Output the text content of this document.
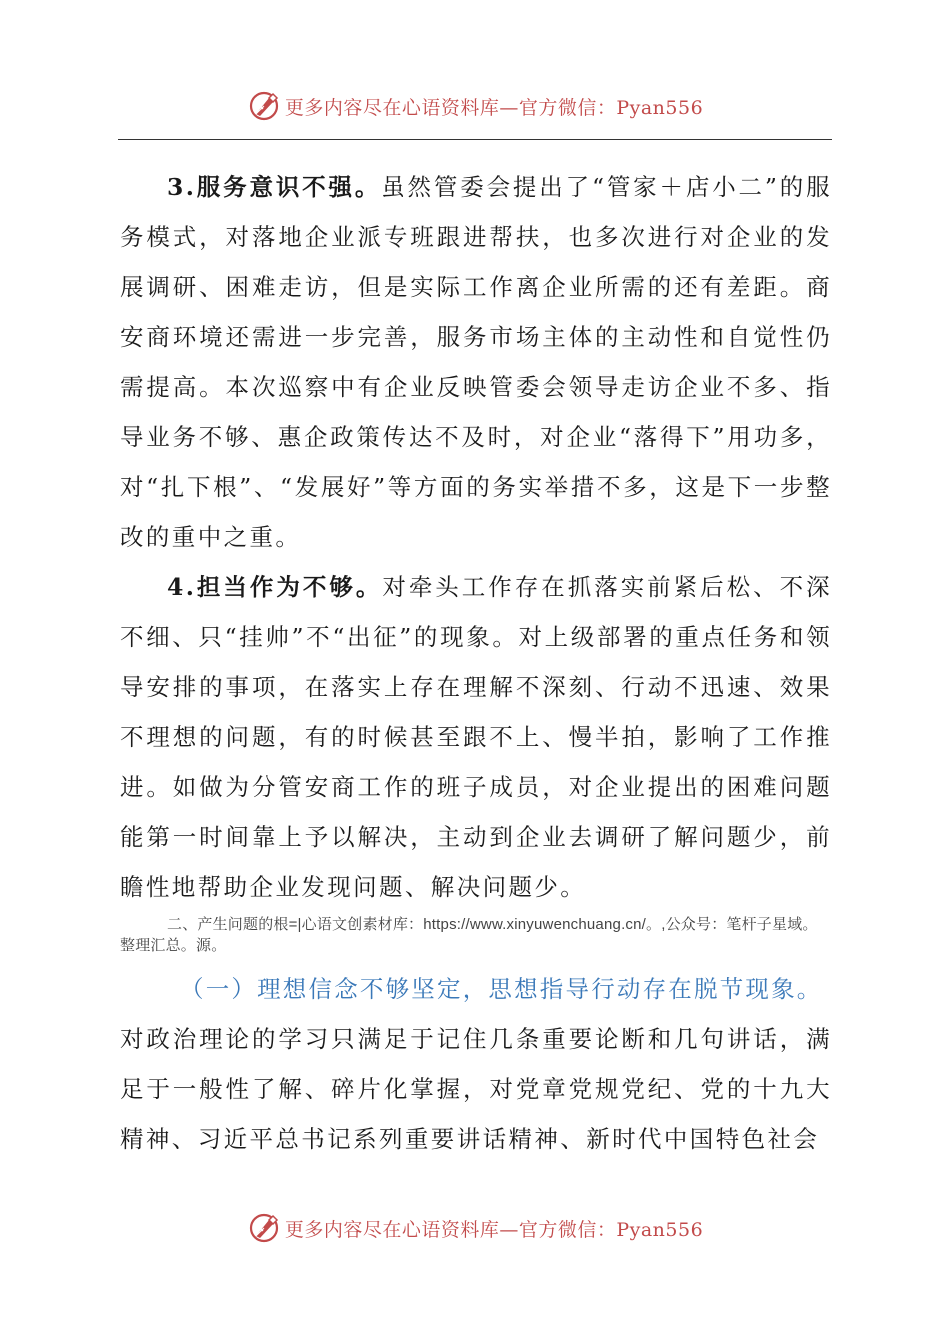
更多内容尽在心语资料库—官方微信：Pyan556

3.服务意识不强。虽然管委会提出了“管家＋店小二”的服务模式，对落地企业派专班跟进帮扶，也多次进行对企业的发展调研、困难走访，但是实际工作离企业所需的还有差距。商安商环境还需进一步完善，服务市场主体的主动性和自觉性仍需提高。本次巡察中有企业反映管委会领导走访企业不多、指导业务不够、惠企政策传达不及时，对企业“落得下”用功多，对“扎下根”、“发展好”等方面的务实举措不多，这是下一步整改的重中之重。

4.担当作为不够。对牵头工作存在抓落实前紧后松、不深不细、只“挂帅”不“出征”的现象。对上级部署的重点任务和领导安排的事项，在落实上存在理解不深刻、行动不迅速、效果不理想的问题，有的时候甚至跟不上、慢半拍，影响了工作推进。如做为分管安商工作的班子成员，对企业提出的困难问题能第一时间靠上予以解决，主动到企业去调研了解问题少，前瞻性地帮助企业发现问题、解决问题少。

二、产生问题的根=|心语文创素材库：https://www.xinyuwenchuang.cn/。,公众号：笔杆子星域。整理汇总。源。

（一）理想信念不够坚定，思想指导行动存在脱节现象。

对政治理论的学习只满足于记住几条重要论断和几句讲话，满足于一般性了解、碎片化掌握，对党章党规党纪、党的十九大精神、习近平总书记系列重要讲话精神、新时代中国特色社会

更多内容尽在心语资料库—官方微信：Pyan556
